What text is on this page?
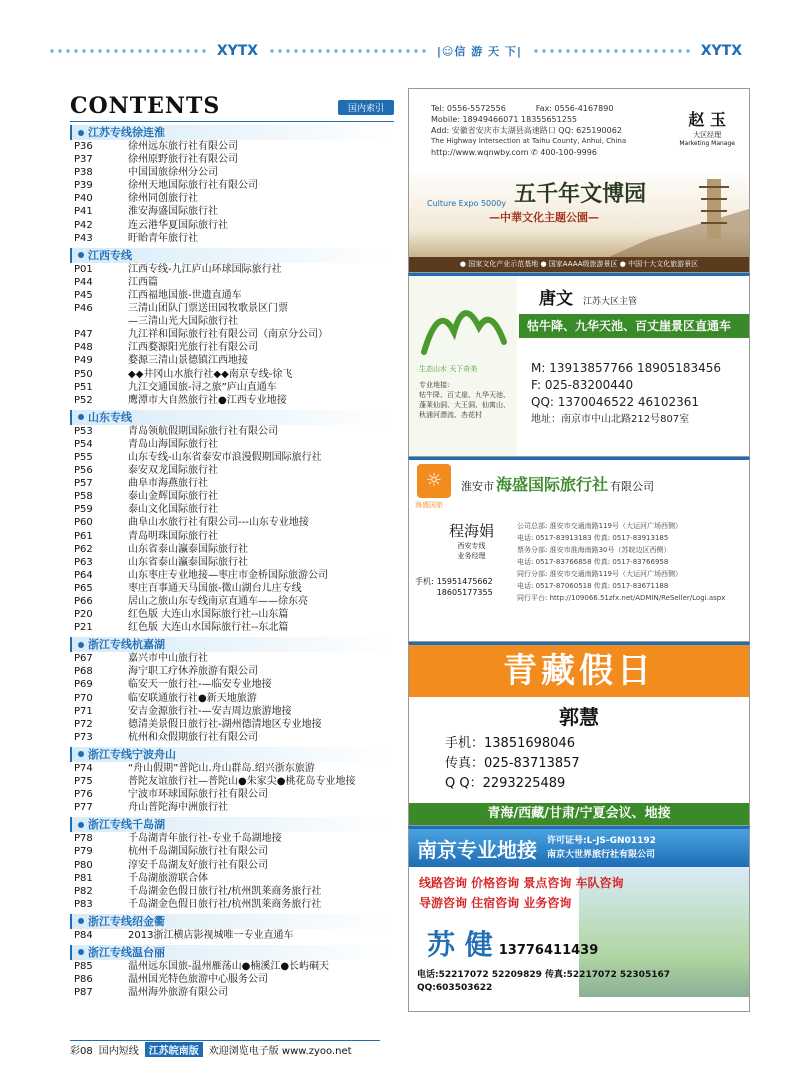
XYTX	|☺信 游 天 下|	XYTX
CONTENTS	国内索引
江苏专线徐连淮
P36	徐州远东旅行社有限公司
P37	徐州原野旅行社有限公司
P38	中国国旅徐州分公司
P39	徐州天地国际旅行社有限公司
P40	徐州同创旅行社
P41	淮安海盛国际旅行社
P42	连云港华夏国际旅行社
P43	盱眙青年旅行社
江西专线
P01	江西专线-九江庐山环球国际旅行社
P44	江西篇
P45	江西福地国旅-世遗直通车
P46	三清山团队门票送田园牧歌景区门票
—三清山光大国际旅行社
P47	九江祥和国际旅行社有限公司（南京分公司）
P48	江西婺源阳光旅行社有限公司
P49	婺源三清山景德镇江西地接
P50	◆◆井冈山水旅行社◆◆南京专线-徐飞
P51	九江交通国旅-浔之旅”庐山直通车
P52	鹰潭市大自然旅行社●江西专业地接
山东专线
P53	青岛领航假期国际旅行社有限公司
P54	青岛山海国际旅行社
P55	山东专线-山东省泰安市浪漫假期国际旅行社
P56	泰安双龙国际旅行社
P57	曲阜市海燕旅行社
P58	泰山金辉国际旅行社
P59	泰山文化国际旅行社
P60	曲阜山水旅行社有限公司---山东专业地接
P61	青岛明珠国际旅行社
P62	山东省泰山瀛泰国际旅行社
P63	山东省泰山瀛泰国际旅行社
P64	山东枣庄专业地接—枣庄市金桥国际旅游公司
P65	枣庄百事通天马国旅-微山湖台儿庄专线
P66	居山之旅山东专线南京直通车——徐东亮
P20	红色版 大连山水国际旅行社--山东篇
P21	红色版 大连山水国际旅行社--东北篇
浙江专线杭嘉湖
P67	嘉兴市中山旅行社
P68	海宁职工疗休养旅游有限公司
P69	临安天一旅行社-—临安专业地接
P70	临安联通旅行社●新天地旅游
P71	安吉金源旅行社-—安吉周边旅游地接
P72	德清美景假日旅行社-湖州德清地区专业地接
P73	杭州和众假期旅行社有限公司
浙江专线宁波舟山
P74	“舟山假期”普陀山.舟山群岛.绍兴浙东旅游
P75	普陀友谊旅行社—普陀山●朱家尖●桃花岛专业地接
P76	宁波市环球国际旅行社有限公司
P77	舟山普陀海中洲旅行社
浙江专线千岛湖
P78	千岛湖青年旅行社-专业千岛湖地接
P79	杭州千岛湖国际旅行社有限公司
P80	淳安千岛湖友好旅行社有限公司
P81	千岛湖旅游联合体
P82	千岛湖金色假日旅行社/杭州凯莱商务旅行社
P83	千岛湖金色假日旅行社/杭州凯莱商务旅行社
浙江专线绍金衢
P84	2013浙江横店影视城唯一专业直通车
浙江专线温台丽
P85	温州远东国旅-温州雁荡山●楠溪江●长屿硐天
P86	温州国光特色旅游中心服务公司
P87	温州海外旅游有限公司
Tel: 0556-5572556	Fax: 0556-4167890
Mobile: 18949466071 18355651255
Add: 安徽省安庆市太湖县高速路口 QQ: 625190062
The Highway Intersection at Taihu County, Anhui, China
http://www.wqnwby.com ✆ 400-100-9996
赵 玉
大区经理
Marketing Manage
Culture Expo 5000y 五千年文博园
—中華文化主题公園—
● 国家文化产业示范基地 ● 国家AAAA级旅游景区 ● 中国十大文化旅游景区
生态山水 天下奇美
专业地接:
牯牛降、百丈崖、九华天池、蓬莱仙洞、大王洞、仙寓山、秋浦河漂流、杏花村
唐文 江苏大区主管
牯牛降、九华天池、百丈崖景区直通车
M: 13913857766 18905183456
F: 025-83200440
QQ: 1370046522 46102361
地址：南京市中山北路212号807室
☼
海盛国旅
淮安市 海盛国际旅行社 有限公司
程海娟
西安专线
业务经理
手机: 15951475662
18605177355
公司总部: 淮安市交通南路119号（大运河广场西侧）
电话: 0517-83913183 传真: 0517-83913185
票务分部: 淮安市淮海南路30号（苏皖边区西侧）
电话: 0517-83766858 传真: 0517-83766958
同行分部: 淮安市交通南路119号（大运河广场西侧）
电话: 0517-87060518 传真: 0517-83671188
同行平台: http://109066.51zfx.net/ADMIN/ReSeller/Logi.aspx
青藏假日
郭慧
手机：13851698046
传真：025-83713857
Q Q：2293225489
青海/西藏/甘肃/宁夏会议、地接
南京专业地接 许可证号:L-JS-GN01192
南京大世界旅行社有限公司
线路咨询 价格咨询 景点咨询 车队咨询
导游咨询 住宿咨询 业务咨询
苏 健 13776411439
电话:52217072 52209829 传真:52217072 52305167
QQ:603503622
彩08 国内短线	江苏皖南版	欢迎浏览电子版 www.zyoo.net
